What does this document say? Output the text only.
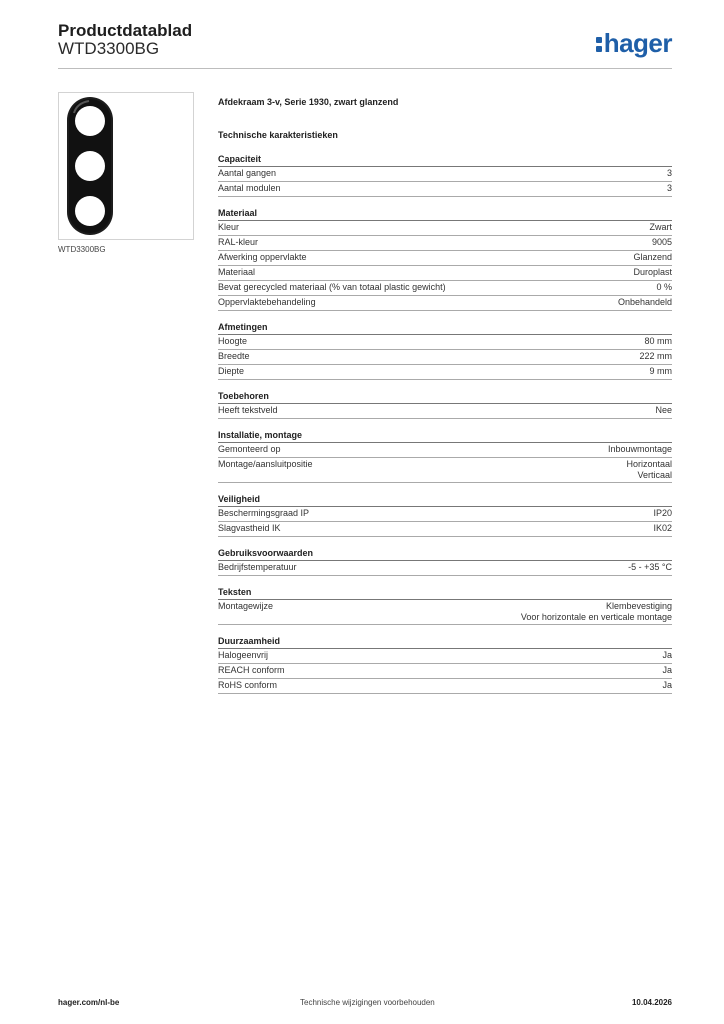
Productdatablad
WTD3300BG	hager
WTD3300BG
Afdekraam 3-v, Serie 1930, zwart glanzend
Technische karakteristieken
Capaciteit
Aantal gangen	3
Aantal modulen	3
Materiaal
Kleur	Zwart
RAL-kleur	9005
Afwerking oppervlakte	Glanzend
Materiaal	Duroplast
Bevat gerecycled materiaal (% van totaal plastic gewicht)	0 %
Oppervlaktebehandeling	Onbehandeld
Afmetingen
Hoogte	80 mm
Breedte	222 mm
Diepte	9 mm
Toebehoren
Heeft tekstveld	Nee
Installatie, montage
Gemonteerd op	Inbouwmontage
Montage/aansluitpositie	Horizontaal
Verticaal
Veiligheid
Beschermingsgraad IP	IP20
Slagvastheid IK	IK02
Gebruiksvoorwaarden
Bedrijfstemperatuur	-5 - +35 °C
Teksten
Montagewijze	Klembevestiging
Voor horizontale en verticale montage
Duurzaamheid
Halogeenvrij	Ja
REACH conform	Ja
RoHS conform	Ja
hager.com/nl-be	Technische wijzigingen voorbehouden	10.04.2026
